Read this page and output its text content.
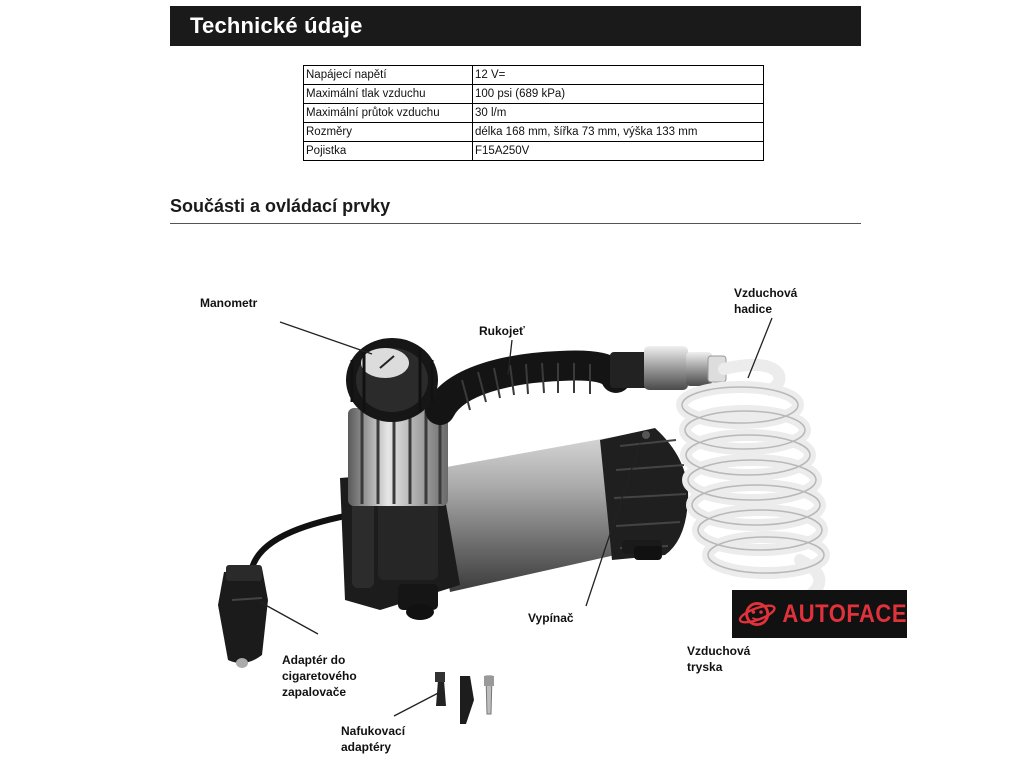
Technické údaje
Napájecí napětí	12 V=
Maximální tlak vzduchu	100 psi (689 kPa)
Maximální průtok vzduchu	30 l/m
Rozměry	délka 168 mm, šířka 73 mm, výška 133 mm
Pojistka	F15A250V
Součásti a ovládací prvky
Manometr
Rukojeť
Vzduchová
hadice
Vypínač
Vzduchová
tryska
Adaptér do
cigaretového
zapalovače
Nafukovací
adaptéry
AUTOFACE
